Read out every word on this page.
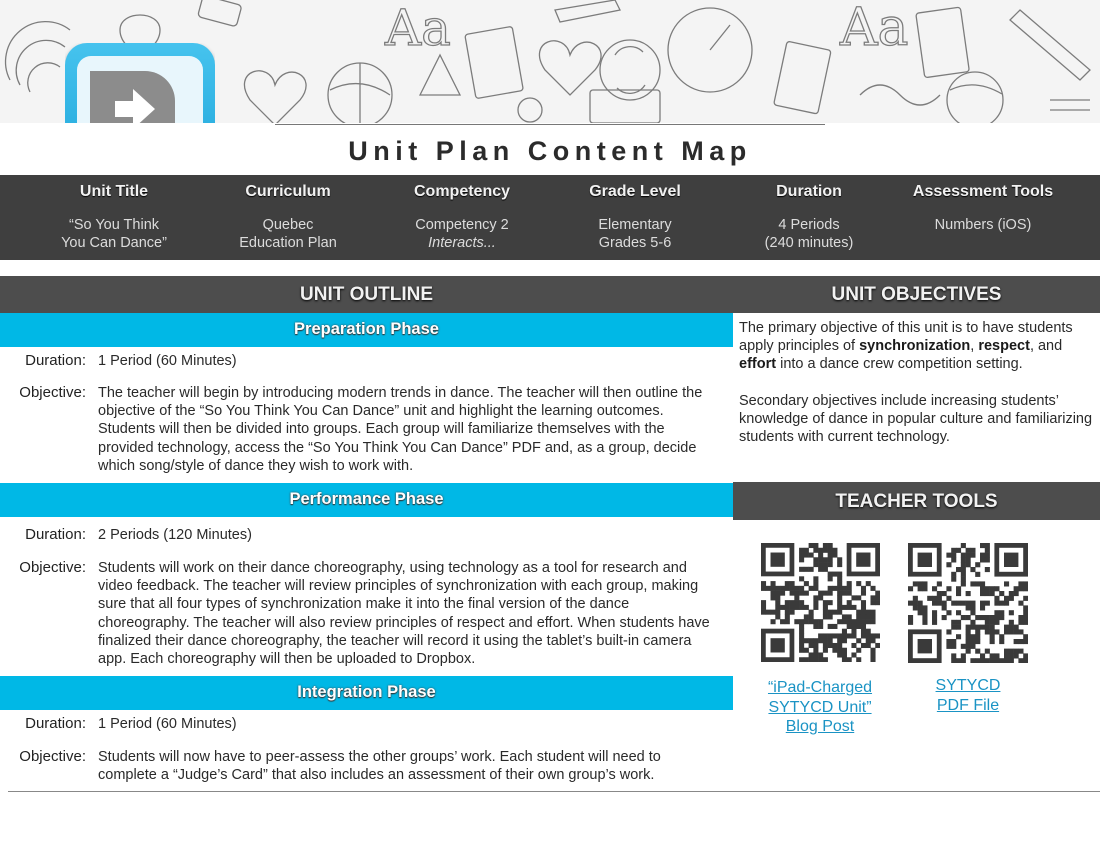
Aa	Aa
Unit Plan Content Map
Unit Title
“So You Think
You Can Dance”
Curriculum
Quebec
Education Plan
Competency
Competency 2
Interacts...
Grade Level
Elementary
Grades 5-6
Duration
4 Periods
(240 minutes)
Assessment Tools
Numbers (iOS)
UNIT OUTLINE	UNIT OBJECTIVES
Preparation Phase
Duration: 1 Period (60 Minutes)
Objective: The teacher will begin by introducing modern trends in dance. The teacher will then outline the objective of the “So You Think You Can Dance” unit and highlight the learning outcomes. Students will then be divided into groups. Each group will familiarize themselves with the provided technology, access the “So You Think You Can Dance” PDF and, as a group, decide which song/style of dance they wish to work with.
Performance Phase
Duration: 2 Periods (120 Minutes)
Objective: Students will work on their dance choreography, using technology as a tool for research and video feedback. The teacher will review principles of synchronization with each group, making sure that all four types of synchronization make it into the final version of the dance choreography. The teacher will also review principles of respect and effort. When students have finalized their dance choreography, the teacher will record it using the tablet’s built-in camera app. Each choreography will then be uploaded to Dropbox.
Integration Phase
Duration: 1 Period (60 Minutes)
Objective: Students will now have to peer-assess the other groups’ work. Each student will need to complete a “Judge’s Card” that also includes an assessment of their own group’s work.

The primary objective of this unit is to have students apply principles of synchronization, respect, and effort into a dance crew competition setting.

Secondary objectives include increasing students’ knowledge of dance in popular culture and familiarizing students with current technology.

TEACHER TOOLS
“iPad-Charged
SYTYCD Unit”
Blog Post
SYTYCD
PDF File
